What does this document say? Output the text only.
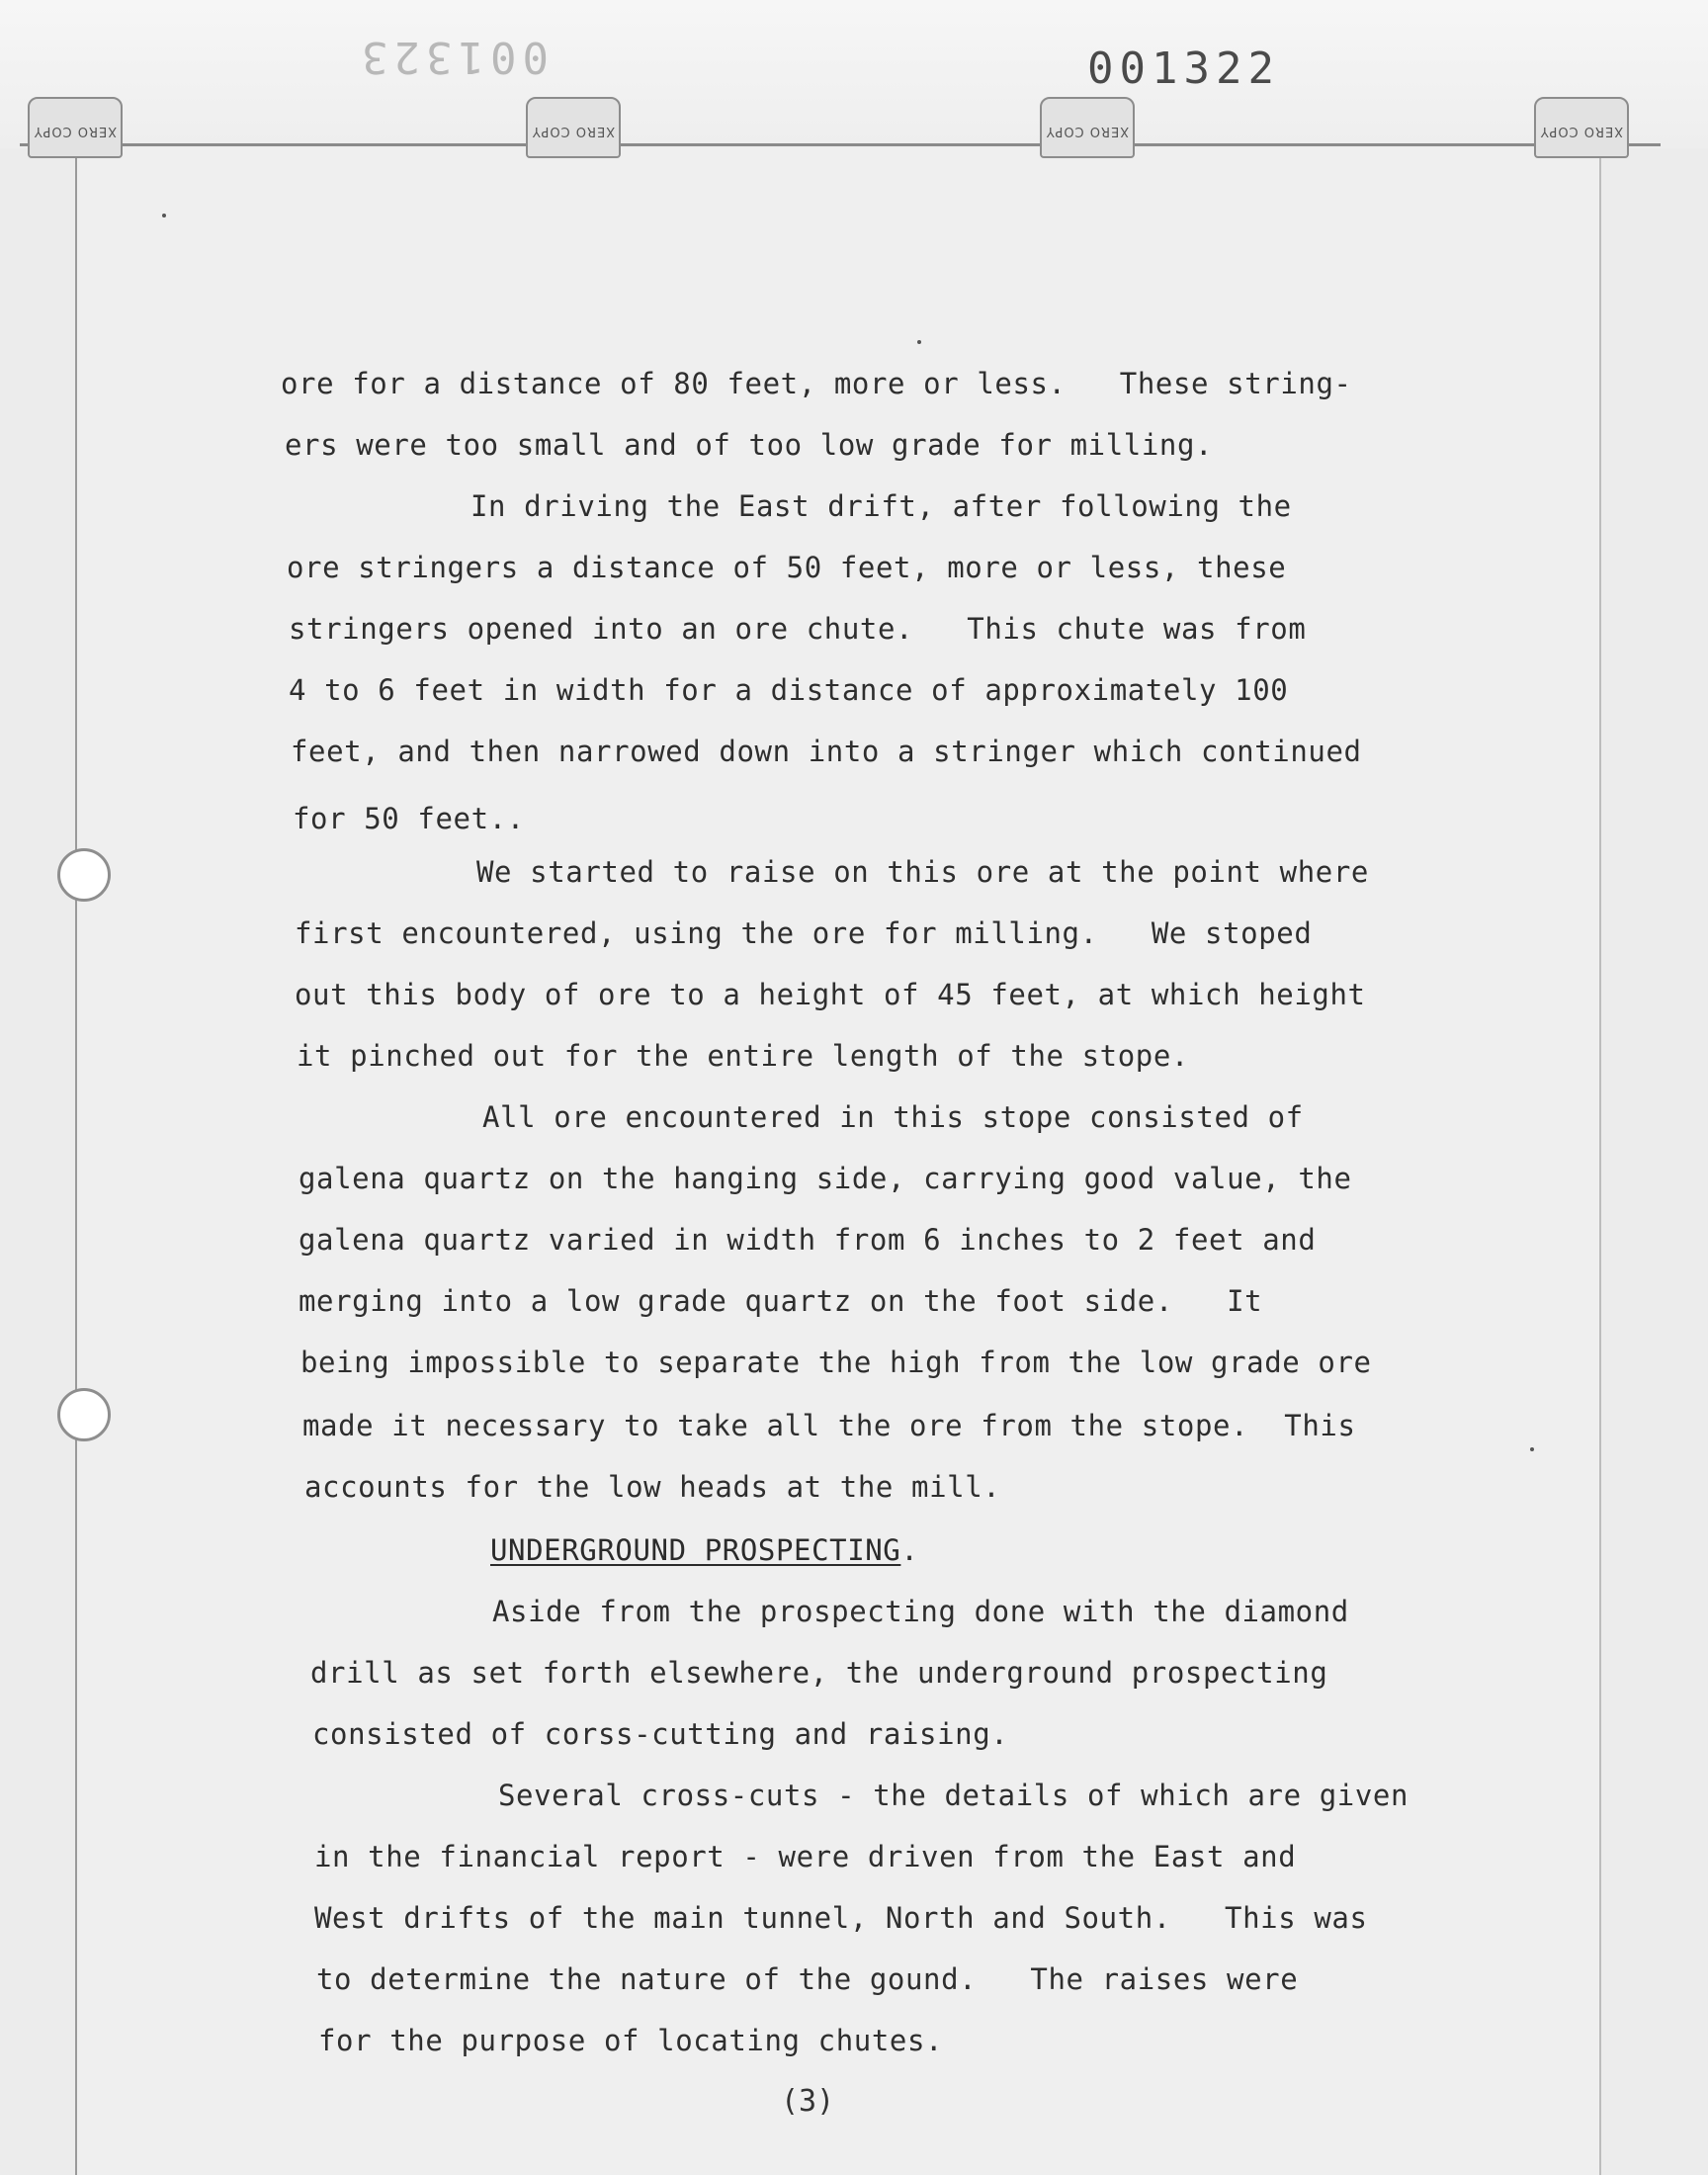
001323	001322
XERO COPY	XERO COPY	XERO COPY	XERO COPY
ore for a distance of 80 feet, more or less.   These string-
ers were too small and of too low grade for milling.
In driving the East drift, after following the
ore stringers a distance of 50 feet, more or less, these
stringers opened into an ore chute.   This chute was from
4 to 6 feet in width for a distance of approximately 100
feet, and then narrowed down into a stringer which continued
for 50 feet..
We started to raise on this ore at the point where
first encountered, using the ore for milling.   We stoped
out this body of ore to a height of 45 feet, at which height
it pinched out for the entire length of the stope.
All ore encountered in this stope consisted of
galena quartz on the hanging side, carrying good value, the
galena quartz varied in width from 6 inches to 2 feet and
merging into a low grade quartz on the foot side.   It
being impossible to separate the high from the low grade ore
made it necessary to take all the ore from the stope.  This
accounts for the low heads at the mill.
UNDERGROUND PROSPECTING.
Aside from the prospecting done with the diamond
drill as set forth elsewhere, the underground prospecting
consisted of corss-cutting and raising.
Several cross-cuts - the details of which are given
in the financial report - were driven from the East and
West drifts of the main tunnel, North and South.   This was
to determine the nature of the gound.   The raises were
for the purpose of locating chutes.
(3)
